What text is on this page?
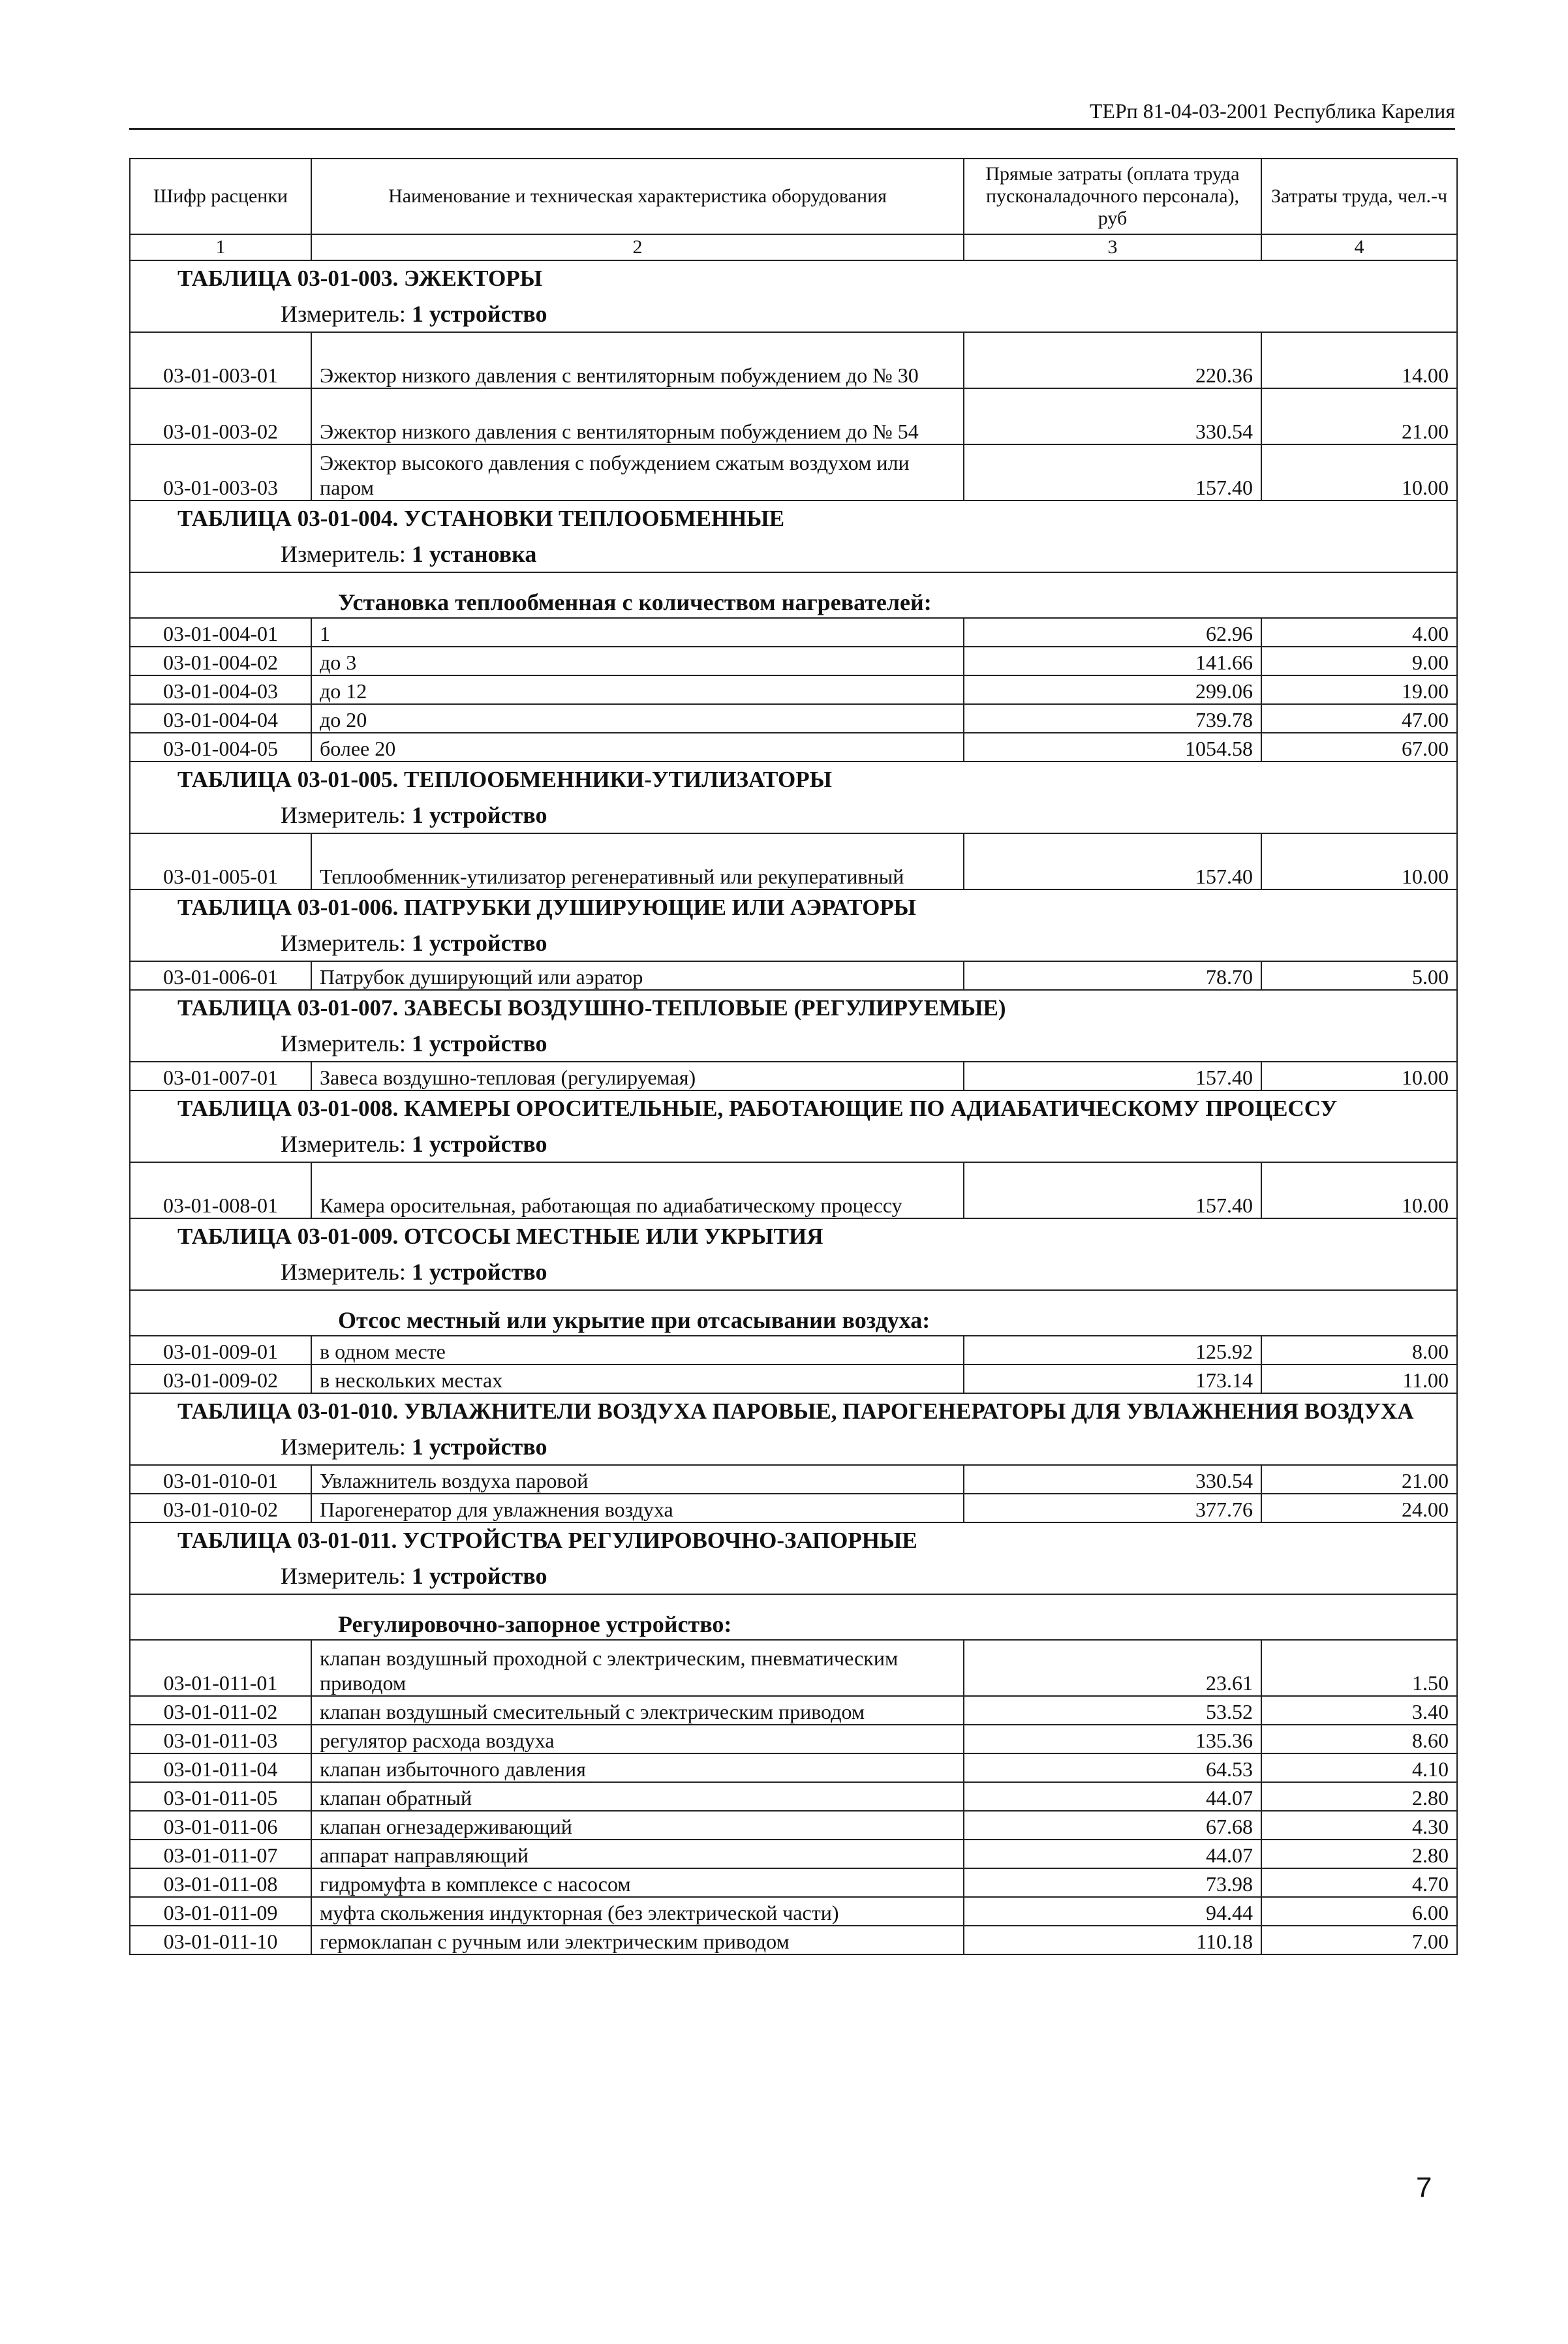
ТЕРп 81-04-03-2001 Республика Карелия
Шифр расценки	Наименование и техническая характеристика оборудования	Прямые затраты (оплата труда пусконаладочного персонала), руб	Затраты труда, чел.-ч
1	2	3	4
ТАБЛИЦА 03-01-003. ЭЖЕКТОРЫ			
Измеритель: 1 устройство			
03-01-003-01	Эжектор низкого давления с вентиляторным побуждением до № 30	220.36	14.00
03-01-003-02	Эжектор низкого давления с вентиляторным побуждением до № 54	330.54	21.00
03-01-003-03	Эжектор высокого давления с побуждением сжатым воздухом или паром	157.40	10.00
ТАБЛИЦА 03-01-004. УСТАНОВКИ ТЕПЛООБМЕННЫЕ			
Измеритель: 1 установка			
Установка теплообменная с количеством нагревателей:			
03-01-004-01	1	62.96	4.00
03-01-004-02	до 3	141.66	9.00
03-01-004-03	до 12	299.06	19.00
03-01-004-04	до 20	739.78	47.00
03-01-004-05	более 20	1054.58	67.00
ТАБЛИЦА 03-01-005. ТЕПЛООБМЕННИКИ-УТИЛИЗАТОРЫ			
Измеритель: 1 устройство			
03-01-005-01	Теплообменник-утилизатор регенеративный или рекуперативный	157.40	10.00
ТАБЛИЦА 03-01-006. ПАТРУБКИ ДУШИРУЮЩИЕ ИЛИ АЭРАТОРЫ			
Измеритель: 1 устройство			
03-01-006-01	Патрубок душирующий или аэратор	78.70	5.00
ТАБЛИЦА 03-01-007. ЗАВЕСЫ ВОЗДУШНО-ТЕПЛОВЫЕ (РЕГУЛИРУЕМЫЕ)			
Измеритель: 1 устройство			
03-01-007-01	Завеса воздушно-тепловая (регулируемая)	157.40	10.00
ТАБЛИЦА 03-01-008. КАМЕРЫ ОРОСИТЕЛЬНЫЕ, РАБОТАЮЩИЕ ПО АДИАБАТИЧЕСКОМУ ПРОЦЕССУ			
Измеритель: 1 устройство			
03-01-008-01	Камера оросительная, работающая по адиабатическому процессу	157.40	10.00
ТАБЛИЦА 03-01-009. ОТСОСЫ МЕСТНЫЕ ИЛИ УКРЫТИЯ			
Измеритель: 1 устройство			
Отсос местный или укрытие при отсасывании воздуха:			
03-01-009-01	в одном месте	125.92	8.00
03-01-009-02	в нескольких местах	173.14	11.00
ТАБЛИЦА 03-01-010. УВЛАЖНИТЕЛИ ВОЗДУХА ПАРОВЫЕ, ПАРОГЕНЕРАТОРЫ ДЛЯ УВЛАЖНЕНИЯ ВОЗДУХА			
Измеритель: 1 устройство			
03-01-010-01	Увлажнитель воздуха паровой	330.54	21.00
03-01-010-02	Парогенератор для увлажнения воздуха	377.76	24.00
ТАБЛИЦА 03-01-011. УСТРОЙСТВА РЕГУЛИРОВОЧНО-ЗАПОРНЫЕ			
Измеритель: 1 устройство			
Регулировочно-запорное устройство:			
03-01-011-01	клапан воздушный проходной с электрическим, пневматическим приводом	23.61	1.50
03-01-011-02	клапан воздушный смесительный с электрическим приводом	53.52	3.40
03-01-011-03	регулятор расхода воздуха	135.36	8.60
03-01-011-04	клапан избыточного давления	64.53	4.10
03-01-011-05	клапан обратный	44.07	2.80
03-01-011-06	клапан огнезадерживающий	67.68	4.30
03-01-011-07	аппарат направляющий	44.07	2.80
03-01-011-08	гидромуфта в комплексе с насосом	73.98	4.70
03-01-011-09	муфта скольжения индукторная (без электрической части)	94.44	6.00
03-01-011-10	гермоклапан с ручным или электрическим приводом	110.18	7.00
7
